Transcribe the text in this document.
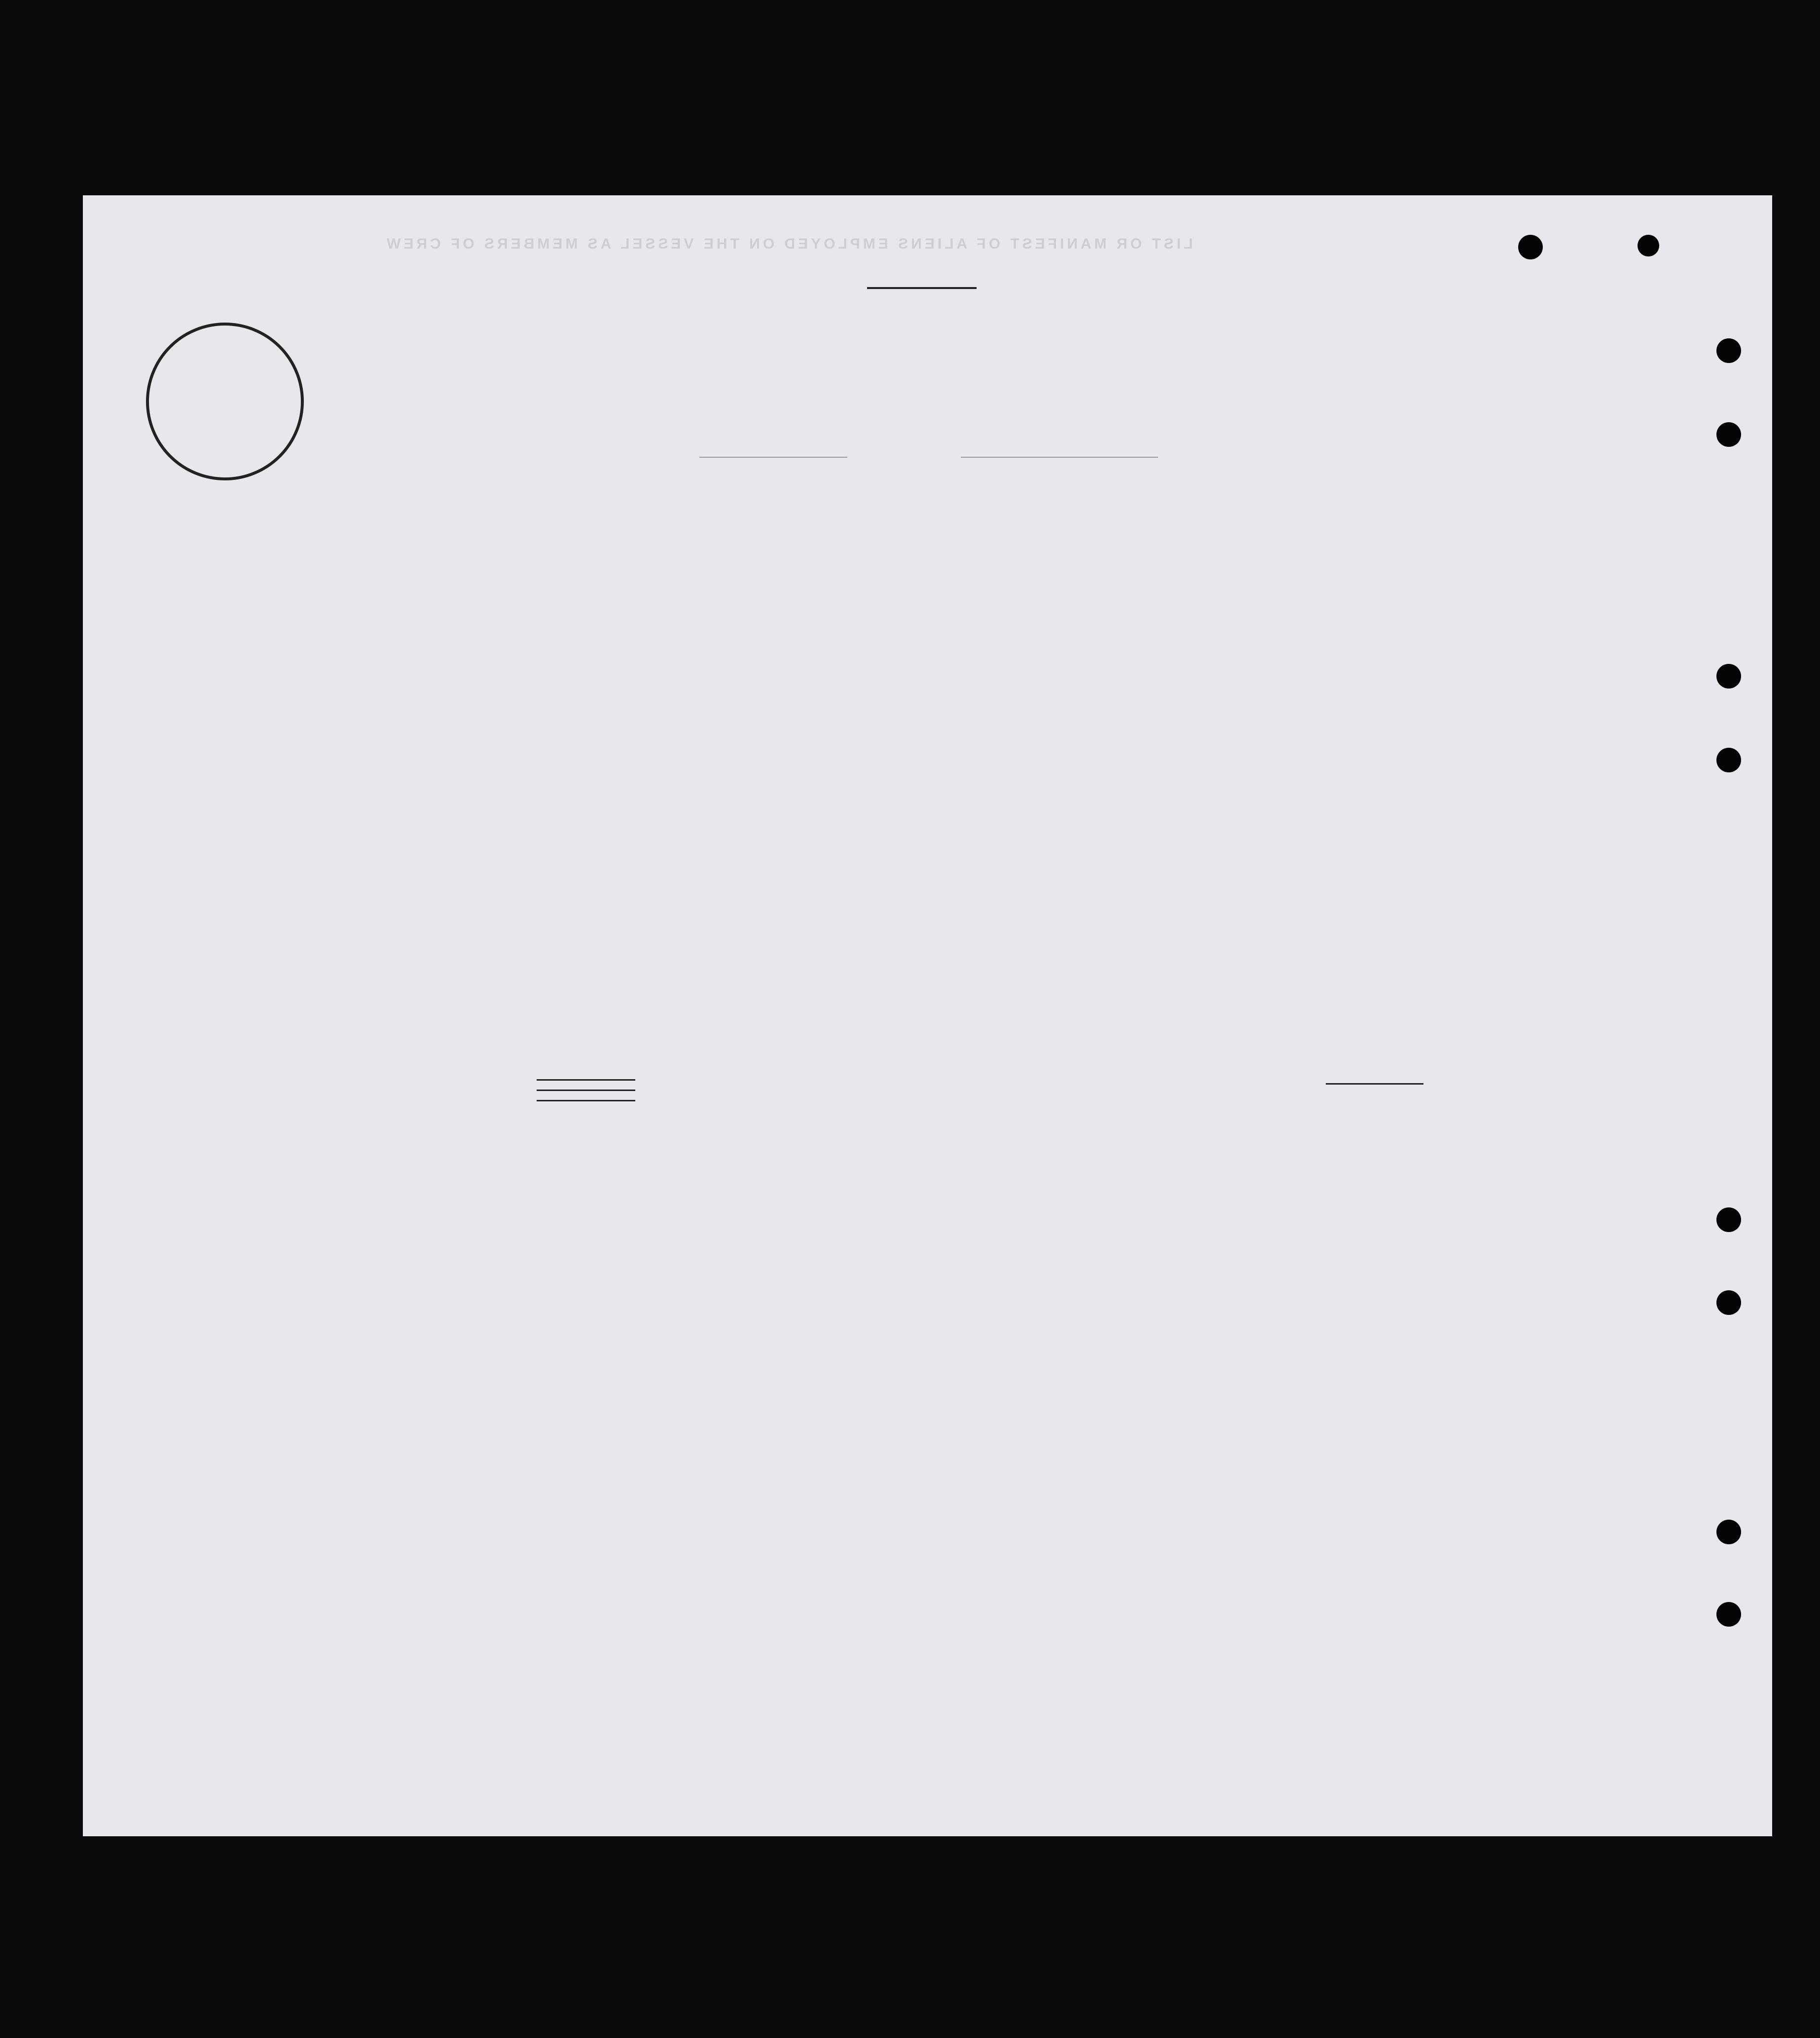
LIST OR MANIFEST OF ALIENS EMPLOYED ON THE VESSEL AS MEMBERS OF CREW
